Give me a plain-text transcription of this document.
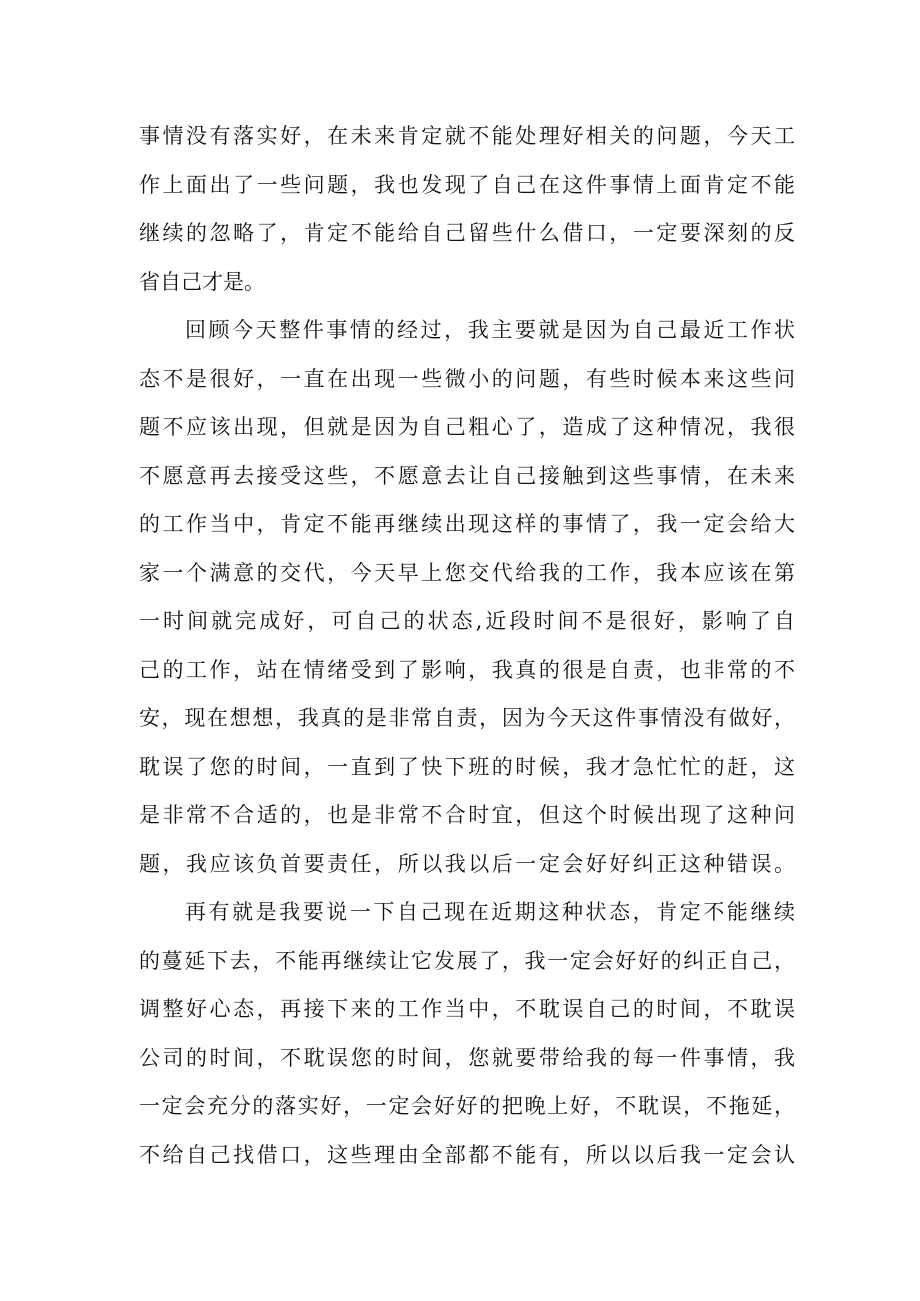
事情没有落实好，在未来肯定就不能处理好相关的问题，今天工
作上面出了一些问题，我也发现了自己在这件事情上面肯定不能
继续的忽略了，肯定不能给自己留些什么借口，一定要深刻的反
省自己才是。
回顾今天整件事情的经过，我主要就是因为自己最近工作状
态不是很好，一直在出现一些微小的问题，有些时候本来这些问
题不应该出现，但就是因为自己粗心了，造成了这种情况，我很
不愿意再去接受这些，不愿意去让自己接触到这些事情，在未来
的工作当中，肯定不能再继续出现这样的事情了，我一定会给大
家一个满意的交代，今天早上您交代给我的工作，我本应该在第
一时间就完成好，可自己的状态,近段时间不是很好，影响了自
己的工作，站在情绪受到了影响，我真的很是自责，也非常的不
安，现在想想，我真的是非常自责，因为今天这件事情没有做好，
耽误了您的时间，一直到了快下班的时候，我才急忙忙的赶，这
是非常不合适的，也是非常不合时宜，但这个时候出现了这种问
题，我应该负首要责任，所以我以后一定会好好纠正这种错误。
再有就是我要说一下自己现在近期这种状态，肯定不能继续
的蔓延下去，不能再继续让它发展了，我一定会好好的纠正自己，
调整好心态，再接下来的工作当中，不耽误自己的时间，不耽误
公司的时间，不耽误您的时间，您就要带给我的每一件事情，我
一定会充分的落实好，一定会好好的把晚上好，不耽误，不拖延，
不给自己找借口，这些理由全部都不能有，所以以后我一定会认
